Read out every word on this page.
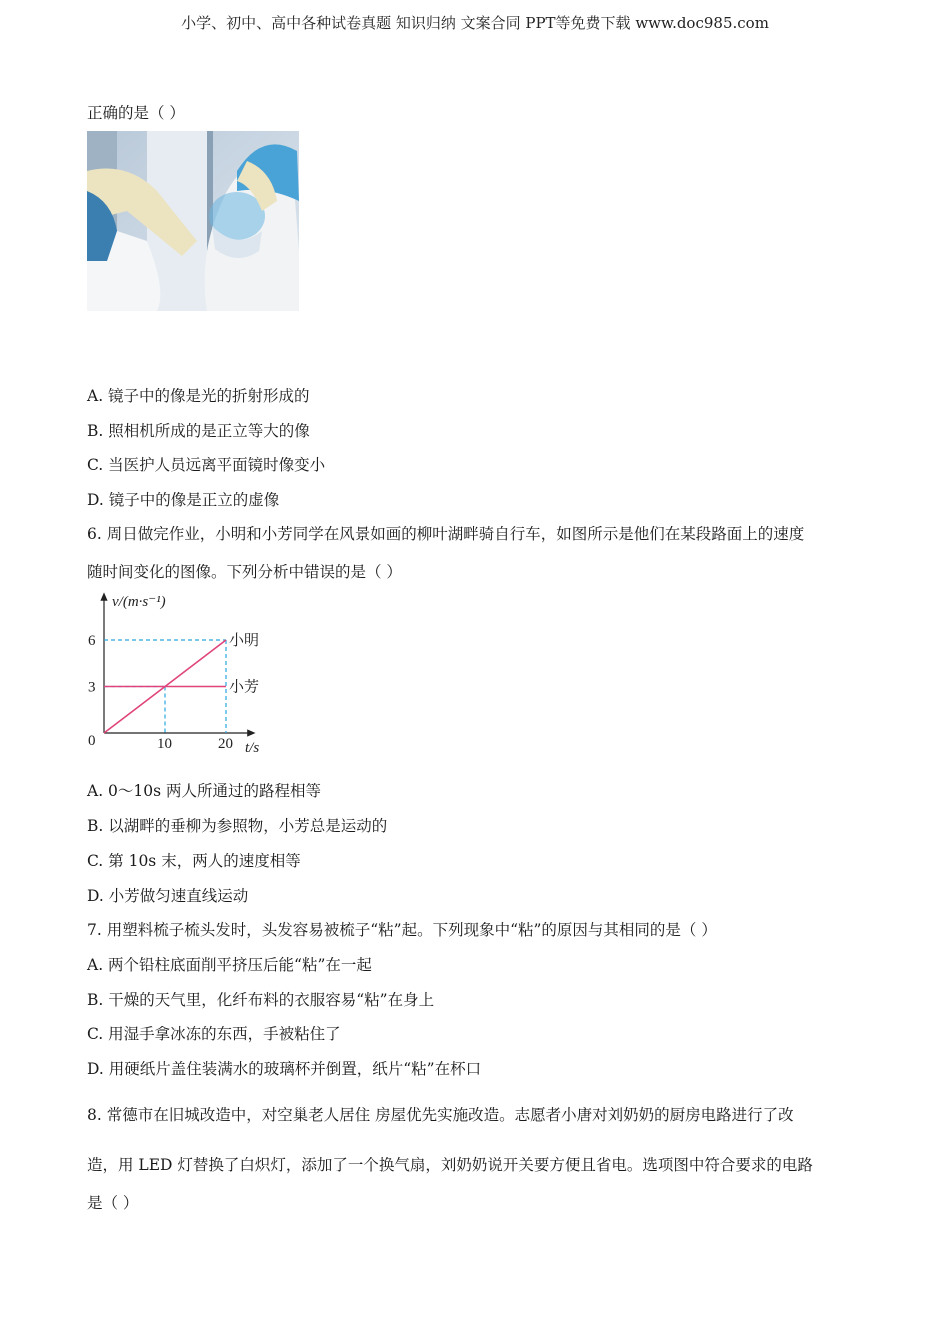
小学、初中、高中各种试卷真题 知识归纳 文案合同 PPT等免费下载 www.doc985.com
正确的是（ ）
A. 镜子中的像是光的折射形成的
B. 照相机所成的是正立等大的像
C. 当医护人员远离平面镜时像变小
D. 镜子中的像是正立的虚像
6. 周日做完作业，小明和小芳同学在风景如画的柳叶湖畔骑自行车，如图所示是他们在某段路面上的速度
随时间变化的图像。下列分析中错误的是（ ）
小明
小芳
3
6
0	10	20
v/(m·s⁻¹)
t/s
A. 0～10s 两人所通过的路程相等
B. 以湖畔的垂柳为参照物，小芳总是运动的
C. 第 10s 末，两人的速度相等
D. 小芳做匀速直线运动
7. 用塑料梳子梳头发时，头发容易被梳子“粘”起。下列现象中“粘”的原因与其相同的是（ ）
A. 两个铅柱底面削平挤压后能“粘”在一起
B. 干燥的天气里，化纤布料的衣服容易“粘”在身上
C. 用湿手拿冰冻的东西，手被粘住了
D. 用硬纸片盖住装满水的玻璃杯并倒置，纸片“粘”在杯口
8. 常德市在旧城改造中，对空巢老人居住 房屋优先实施改造。志愿者小唐对刘奶奶的厨房电路进行了改
造，用 LED 灯替换了白炽灯，添加了一个换气扇，刘奶奶说开关要方便且省电。选项图中符合要求的电路
是（ ）
